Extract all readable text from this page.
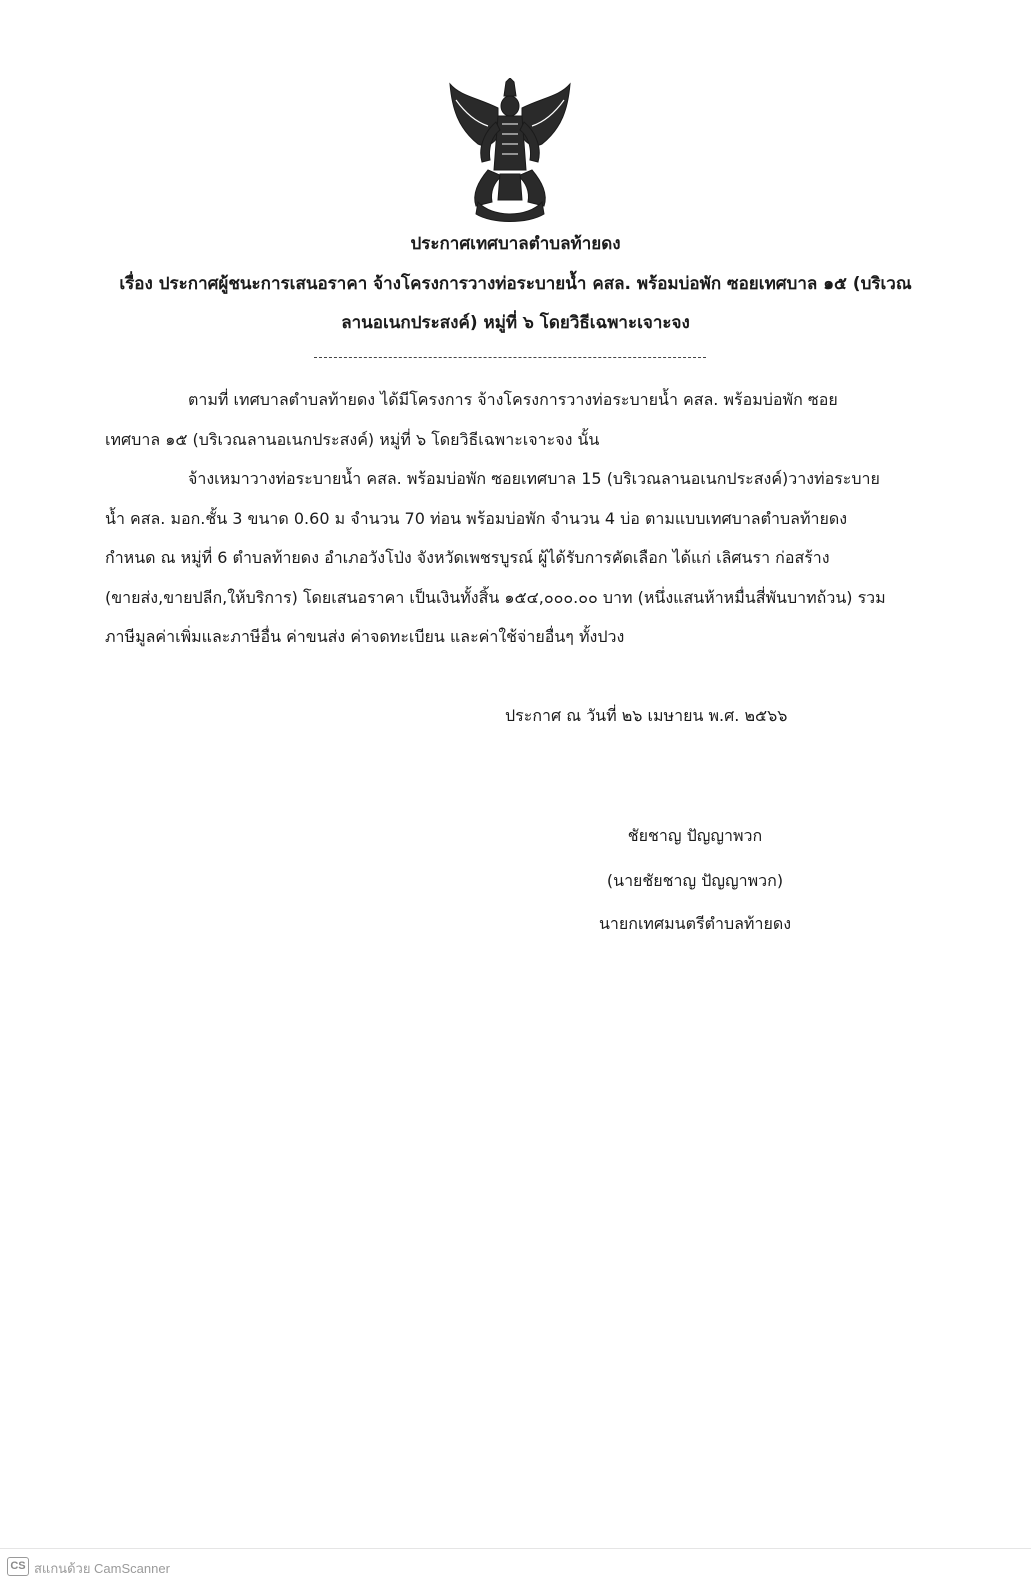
ประกาศเทศบาลตำบลท้ายดง
เรื่อง ประกาศผู้ชนะการเสนอราคา จ้างโครงการวางท่อระบายน้ำ คสล. พร้อมบ่อพัก ซอยเทศบาล ๑๕ (บริเวณ
ลานอเนกประสงค์) หมู่ที่ ๖ โดยวิธีเฉพาะเจาะจง
ตามที่ เทศบาลตำบลท้ายดง ได้มีโครงการ จ้างโครงการวางท่อระบายน้ำ คสล. พร้อมบ่อพัก ซอย
เทศบาล ๑๕ (บริเวณลานอเนกประสงค์) หมู่ที่ ๖ โดยวิธีเฉพาะเจาะจง นั้น
จ้างเหมาวางท่อระบายน้ำ คสล. พร้อมบ่อพัก ซอยเทศบาล 15 (บริเวณลานอเนกประสงค์)วางท่อระบาย
น้ำ คสล. มอก.ชั้น 3 ขนาด 0.60 ม จำนวน 70 ท่อน พร้อมบ่อพัก จำนวน 4 บ่อ ตามแบบเทศบาลตำบลท้ายดง
กำหนด ณ หมู่ที่ 6 ตำบลท้ายดง อำเภอวังโป่ง จังหวัดเพชรบูรณ์ ผู้ได้รับการคัดเลือก ได้แก่ เลิศนรา ก่อสร้าง
(ขายส่ง,ขายปลีก,ให้บริการ) โดยเสนอราคา เป็นเงินทั้งสิ้น ๑๕๔,๐๐๐.๐๐ บาท (หนึ่งแสนห้าหมื่นสี่พันบาทถ้วน) รวม
ภาษีมูลค่าเพิ่มและภาษีอื่น ค่าขนส่ง ค่าจดทะเบียน และค่าใช้จ่ายอื่นๆ ทั้งปวง
ประกาศ ณ วันที่ ๒๖ เมษายน พ.ศ. ๒๕๖๖
ชัยชาญ ปัญญาพวก
(นายชัยชาญ ปัญญาพวก)
นายกเทศมนตรีตำบลท้ายดง
CS สแกนด้วย CamScanner
